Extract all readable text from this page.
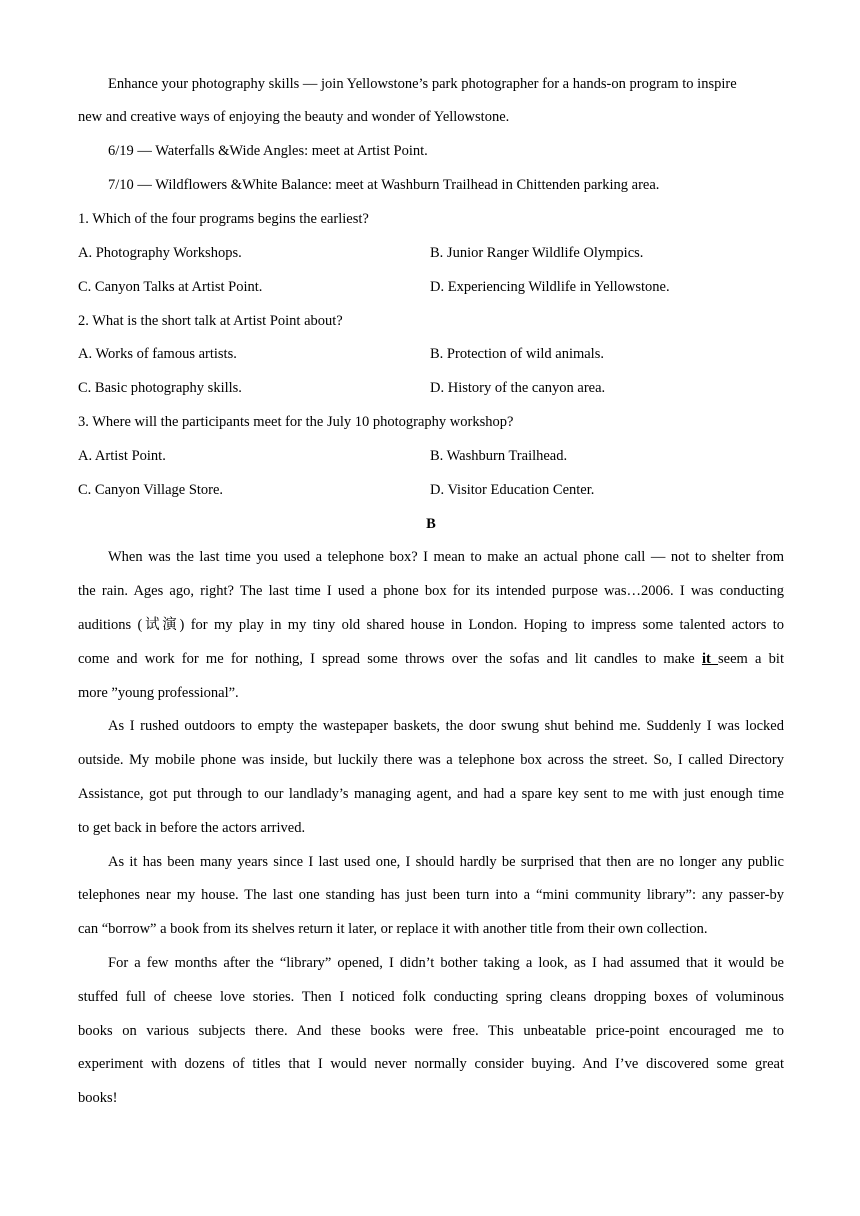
Enhance your photography skills — join Yellowstone’s park photographer for a hands-on program to inspire
new and creative ways of enjoying the beauty and wonder of Yellowstone.
6/19 — Waterfalls &Wide Angles: meet at Artist Point.
7/10 — Wildflowers &White Balance: meet at Washburn Trailhead in Chittenden parking area.
1. Which of the four programs begins the earliest?
A. Photography Workshops.	B. Junior Ranger Wildlife Olympics.
C. Canyon Talks at Artist Point.	D. Experiencing Wildlife in Yellowstone.
2. What is the short talk at Artist Point about?
A. Works of famous artists.	B. Protection of wild animals.
C. Basic photography skills.	D. History of the canyon area.
3. Where will the participants meet for the July 10 photography workshop?
A. Artist Point.	B. Washburn Trailhead.
C. Canyon Village Store.	D. Visitor Education Center.
B
When was the last time you used a telephone box? I mean to make an actual phone call — not to shelter from
the rain. Ages ago, right? The last time I used a phone box for its intended purpose was…2006. I was conducting
auditions (试演) for my play in my tiny old shared house in London. Hoping to impress some talented actors to
come and work for me for nothing, I spread some throws over the sofas and lit candles to make it seem a bit
more ”young professional”.
As I rushed outdoors to empty the wastepaper baskets, the door swung shut behind me. Suddenly I was locked
outside. My mobile phone was inside, but luckily there was a telephone box across the street. So, I called Directory
Assistance, got put through to our landlady’s managing agent, and had a spare key sent to me with just enough time
to get back in before the actors arrived.
As it has been many years since I last used one, I should hardly be surprised that then are no longer any public
telephones near my house. The last one standing has just been turn into a “mini community library”: any passer-by
can “borrow” a book from its shelves return it later, or replace it with another title from their own collection.
For a few months after the “library” opened, I didn’t bother taking a look, as I had assumed that it would be
stuffed full of cheese love stories. Then I noticed folk conducting spring cleans dropping boxes of voluminous
books on various subjects there. And these books were free. This unbeatable price-point encouraged me to
experiment with dozens of titles that I would never normally consider buying. And I’ve discovered some great
books!
